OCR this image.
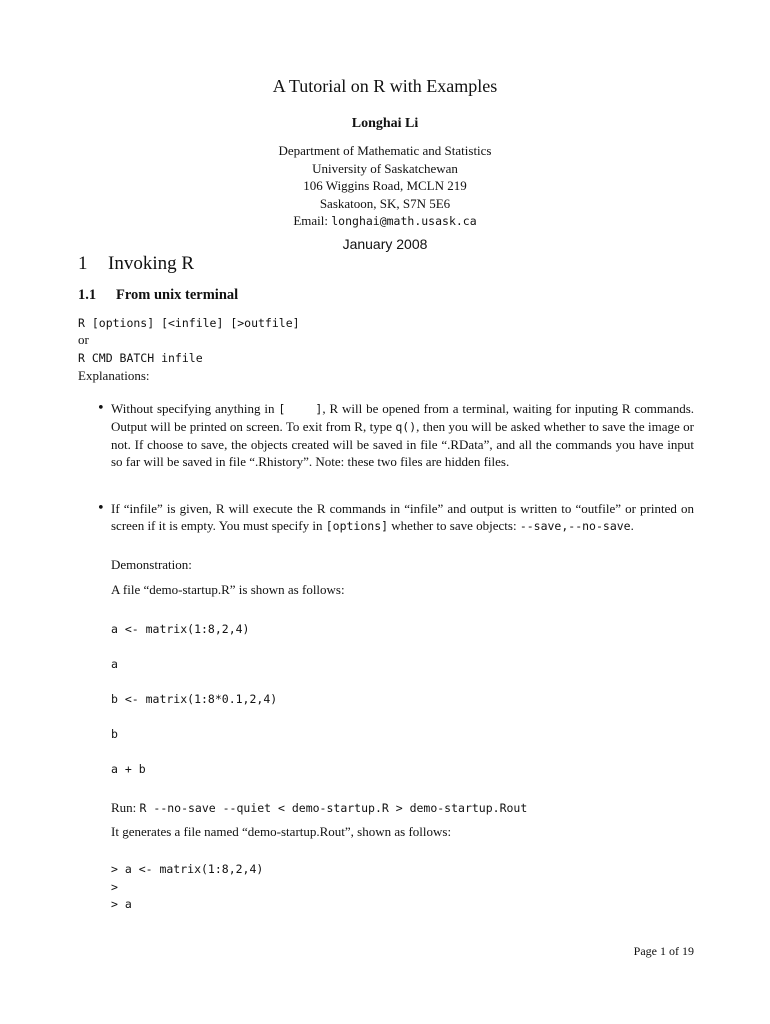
A Tutorial on R with Examples
Longhai Li
Department of Mathematic and Statistics
University of Saskatchewan
106 Wiggins Road, MCLN 219
Saskatoon, SK, S7N 5E6
Email: longhai@math.usask.ca
January 2008
1 Invoking R
1.1 From unix terminal
R [options] [<infile] [>outfile]
or
R CMD BATCH infile
Explanations:
• Without specifying anything in [    ], R will be opened from a terminal, waiting for inputing R commands. Output will be printed on screen. To exit from R, type q(), then you will be asked whether to save the image or not. If choose to save, the objects created will be saved in file “.RData”, and all the commands you have input so far will be saved in file “.Rhistory”. Note: these two files are hidden files.
• If “infile” is given, R will execute the R commands in “infile” and output is written to “outfile” or printed on screen if it is empty. You must specify in [options] whether to save objects: --save,--no-save.
Demonstration:
A file “demo-startup.R” is shown as follows:
a <- matrix(1:8,2,4)
a
b <- matrix(1:8*0.1,2,4)
b
a + b
Run: R --no-save --quiet < demo-startup.R > demo-startup.Rout
It generates a file named “demo-startup.Rout”, shown as follows:
> a <- matrix(1:8,2,4)
>
> a
Page 1 of 19
